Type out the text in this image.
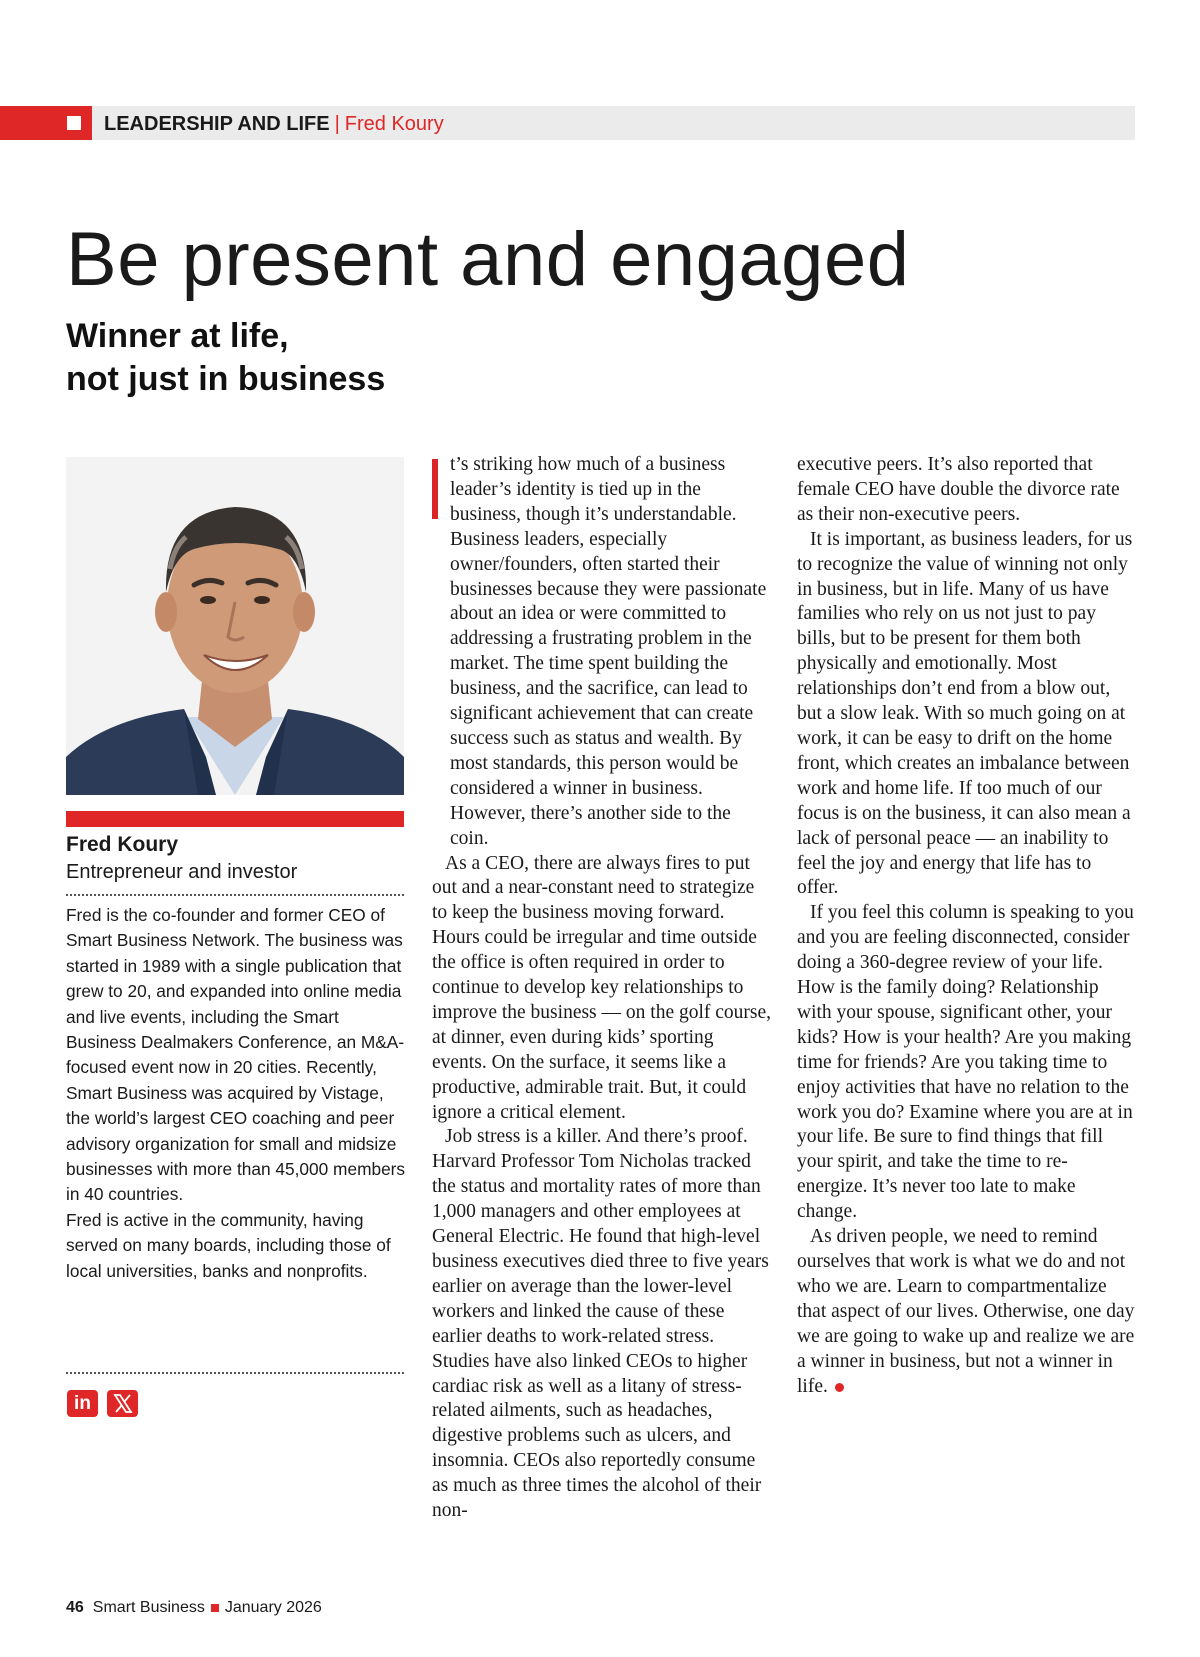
LEADERSHIP AND LIFE | Fred Koury
Be present and engaged
Winner at life,
not just in business
Fred Koury
Entrepreneur and investor

Fred is the co-founder and former CEO of Smart Business Network. The business was started in 1989 with a single publication that grew to 20, and expanded into online media and live events, including the Smart Business Dealmakers Conference, an M&A-focused event now in 20 cities. Recently, Smart Business was acquired by Vistage, the world’s largest CEO coaching and peer advisory organization for small and midsize businesses with more than 45,000 members in 40 countries.

Fred is active in the community, having served on many boards, including those of local universities, banks and nonprofits.

in

t’s striking how much of a business leader’s identity is tied up in the business, though it’s understandable. Business leaders, especially owner/founders, often started their businesses because they were passionate about an idea or were committed to addressing a frustrating problem in the market. The time spent building the business, and the sacrifice, can lead to significant achievement that can create success such as status and wealth. By most standards, this person would be considered a winner in business. However, there’s another side to the coin.

As a CEO, there are always fires to put out and a near-constant need to strategize to keep the business moving forward. Hours could be irregular and time outside the office is often required in order to continue to develop key relationships to improve the business — on the golf course, at dinner, even during kids’ sporting events. On the surface, it seems like a productive, admirable trait. But, it could ignore a critical element.

Job stress is a killer. And there’s proof. Harvard Professor Tom Nicholas tracked the status and mortality rates of more than 1,000 managers and other employees at General Electric. He found that high-level business executives died three to five years earlier on average than the lower-level workers and linked the cause of these earlier deaths to work-related stress. Studies have also linked CEOs to higher cardiac risk as well as a litany of stress-related ailments, such as headaches, digestive problems such as ulcers, and insomnia. CEOs also reportedly consume as much as three times the alcohol of their non-

executive peers. It’s also reported that female CEO have double the divorce rate as their non-executive peers.

It is important, as business leaders, for us to recognize the value of winning not only in business, but in life. Many of us have families who rely on us not just to pay bills, but to be present for them both physically and emotionally. Most relationships don’t end from a blow out, but a slow leak. With so much going on at work, it can be easy to drift on the home front, which creates an imbalance between work and home life. If too much of our focus is on the business, it can also mean a lack of personal peace — an inability to feel the joy and energy that life has to offer.

If you feel this column is speaking to you and you are feeling disconnected, consider doing a 360-degree review of your life. How is the family doing? Relationship with your spouse, significant other, your kids? How is your health? Are you making time for friends? Are you taking time to enjoy activities that have no relation to the work you do? Examine where you are at in your life. Be sure to find things that fill your spirit, and take the time to re-energize. It’s never too late to make change.

As driven people, we need to remind ourselves that work is what we do and not who we are. Learn to compartmentalize that aspect of our lives. Otherwise, one day we are going to wake up and realize we are a winner in business, but not a winner in life.

46 Smart Business January 2026
